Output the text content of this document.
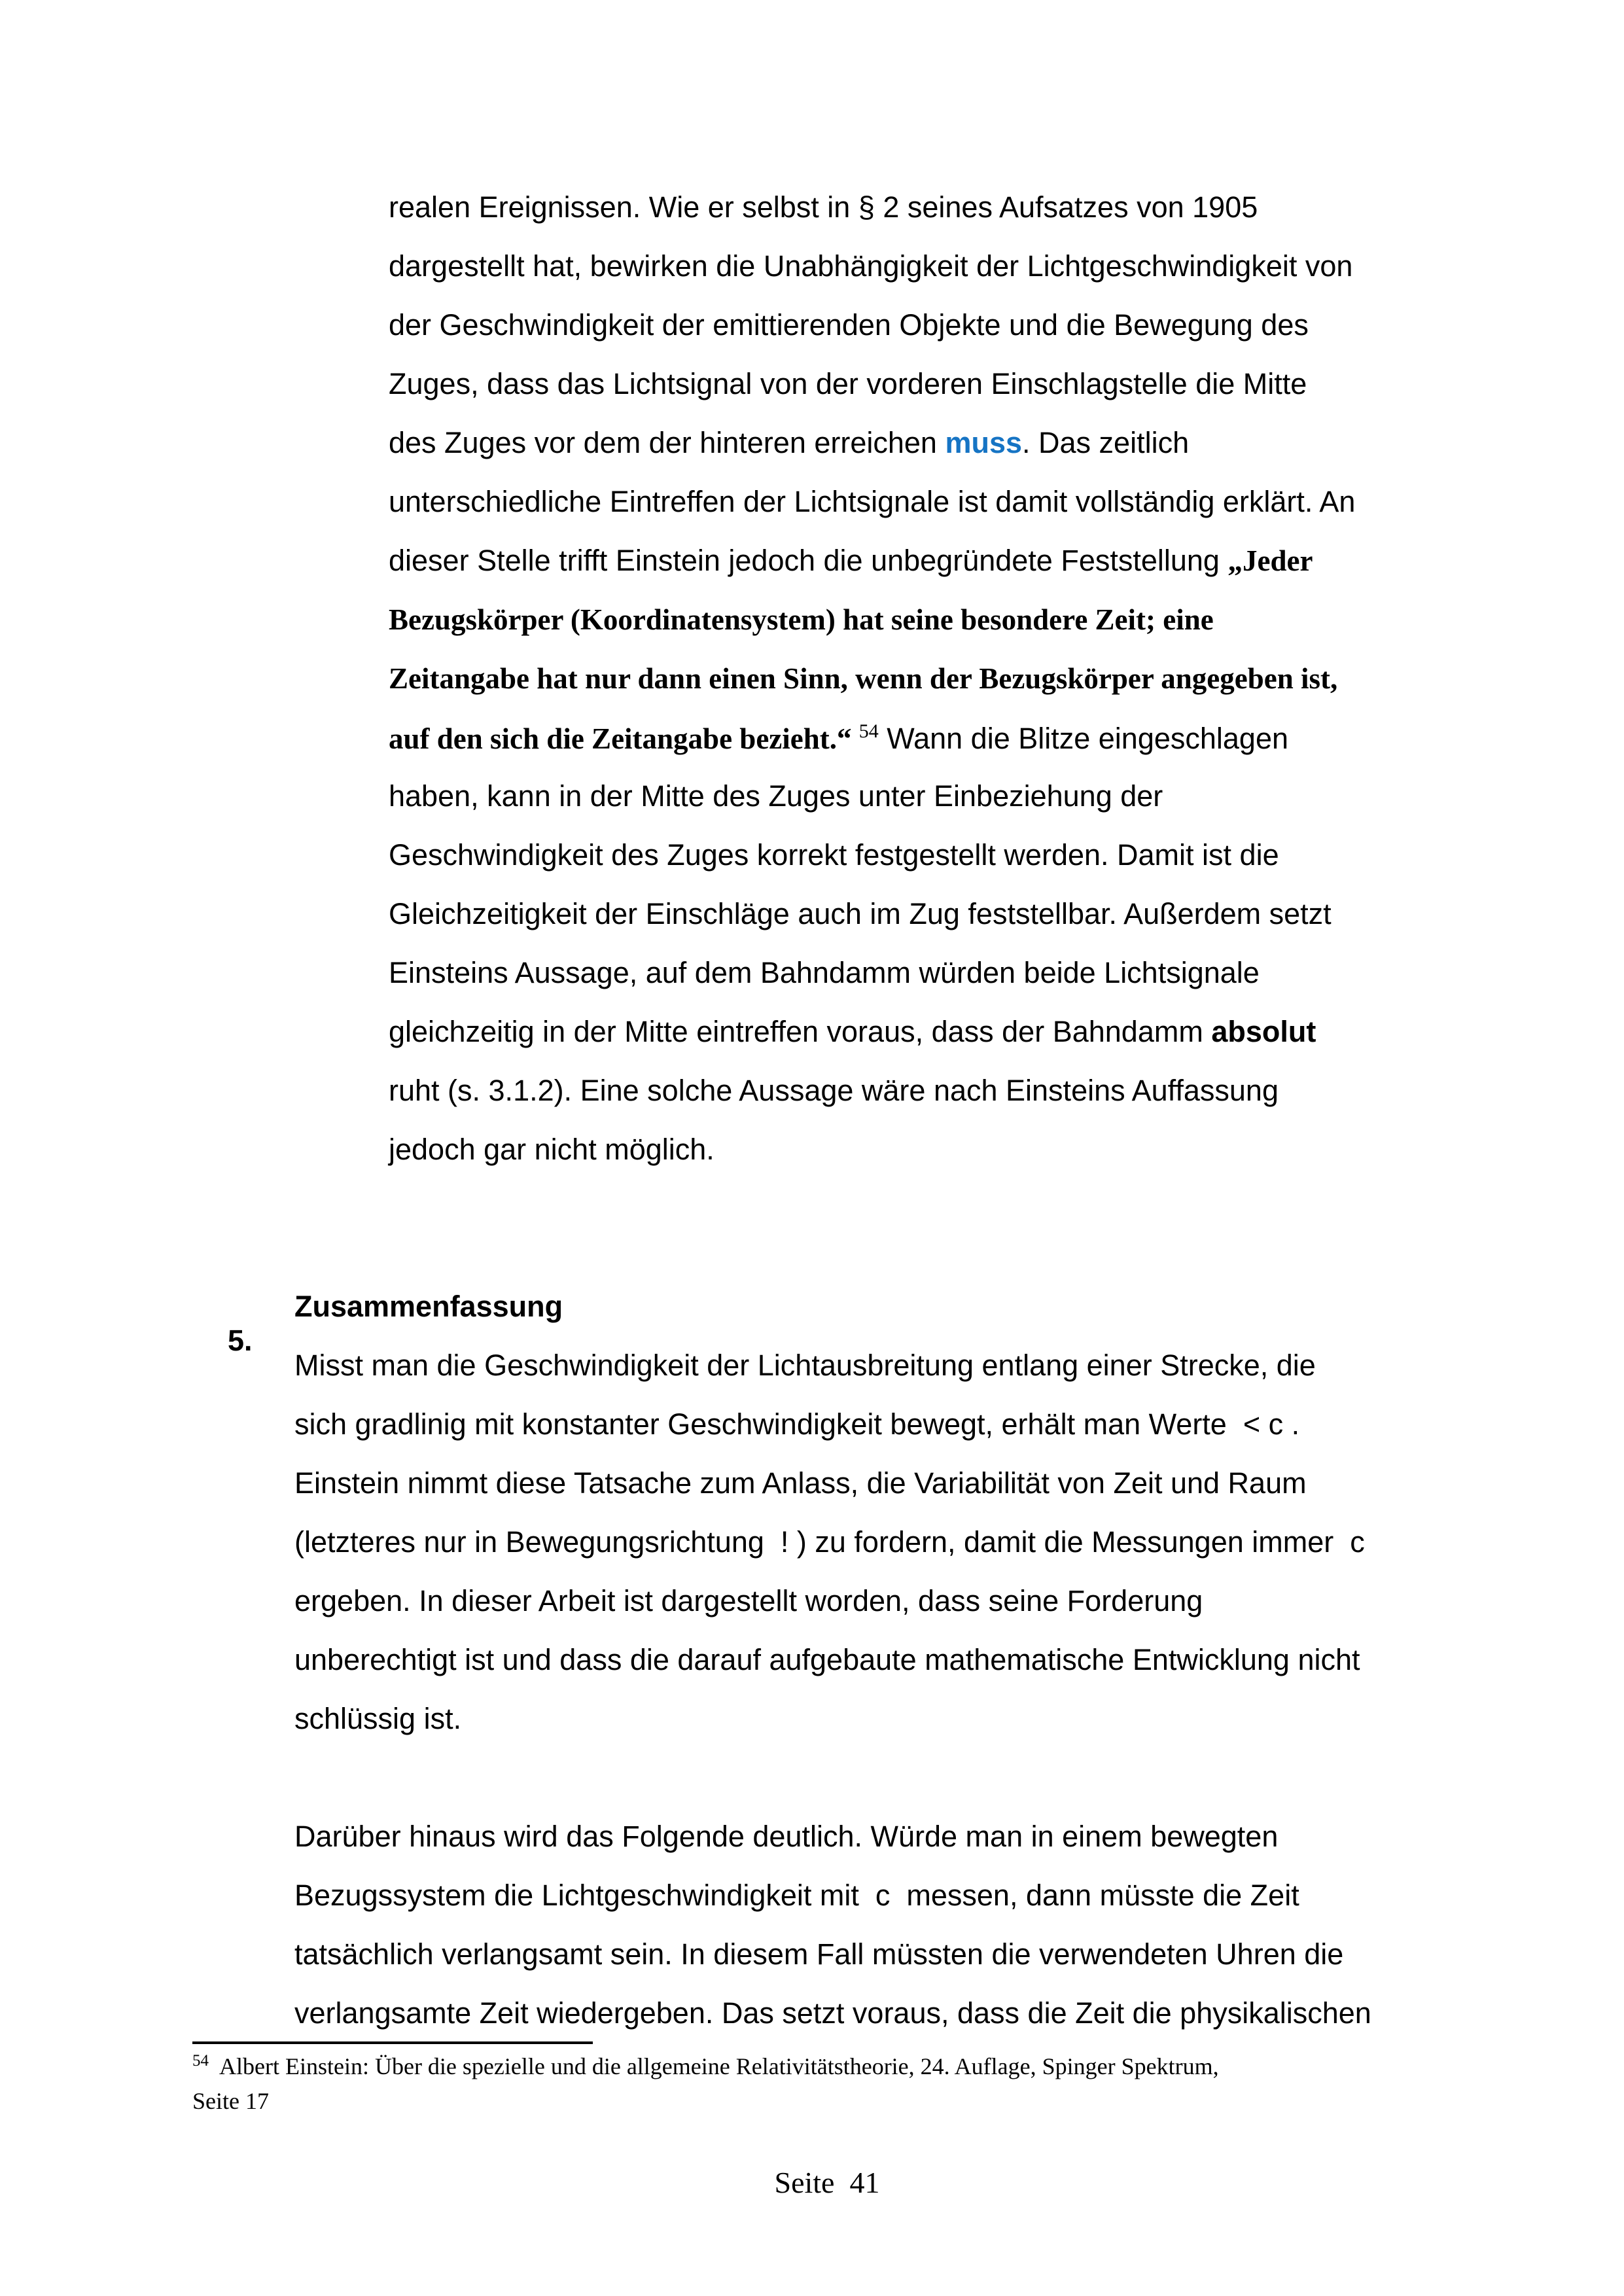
realen Ereignissen. Wie er selbst in § 2 seines Aufsatzes von 1905
dargestellt hat, bewirken die Unabhängigkeit der Lichtgeschwindigkeit von
der Geschwindigkeit der emittierenden Objekte und die Bewegung des
Zuges, dass das Lichtsignal von der vorderen Einschlagstelle die Mitte
des Zuges vor dem der hinteren erreichen muss. Das zeitlich
unterschiedliche Eintreffen der Lichtsignale ist damit vollständig erklärt. An
dieser Stelle trifft Einstein jedoch die unbegründete Feststellung „Jeder
Bezugskörper (Koordinatensystem) hat seine besondere Zeit; eine
Zeitangabe hat nur dann einen Sinn, wenn der Bezugskörper angegeben ist,
auf den sich die Zeitangabe bezieht.“ $^{54}$ Wann die Blitze eingeschlagen
haben, kann in der Mitte des Zuges unter Einbeziehung der
Geschwindigkeit des Zuges korrekt festgestellt werden. Damit ist die
Gleichzeitigkeit der Einschläge auch im Zug feststellbar. Außerdem setzt
Einsteins Aussage, auf dem Bahndamm würden beide Lichtsignale
gleichzeitig in der Mitte eintreffen voraus, dass der Bahndamm absolut
ruht (s. 3.1.2). Eine solche Aussage wäre nach Einsteins Auffassung
jedoch gar nicht möglich.

5.

Zusammenfassung

Misst man die Geschwindigkeit der Lichtausbreitung entlang einer Strecke, die
sich gradlinig mit konstanter Geschwindigkeit bewegt, erhält man Werte  < c .
Einstein nimmt diese Tatsache zum Anlass, die Variabilität von Zeit und Raum
(letzteres nur in Bewegungsrichtung  ! ) zu fordern, damit die Messungen immer  c
ergeben. In dieser Arbeit ist dargestellt worden, dass seine Forderung
unberechtigt ist und dass die darauf aufgebaute mathematische Entwicklung nicht
schlüssig ist.
Darüber hinaus wird das Folgende deutlich. Würde man in einem bewegten
Bezugssystem die Lichtgeschwindigkeit mit  c  messen, dann müsste die Zeit
tatsächlich verlangsamt sein. In diesem Fall müssten die verwendeten Uhren die
verlangsamte Zeit wiedergeben. Das setzt voraus, dass die Zeit die physikalischen
$^{54}$  Albert Einstein: Über die spezielle und die allgemeine Relativitätstheorie, 24. Auflage, Spinger Spektrum,
Seite 17

Seite  41
